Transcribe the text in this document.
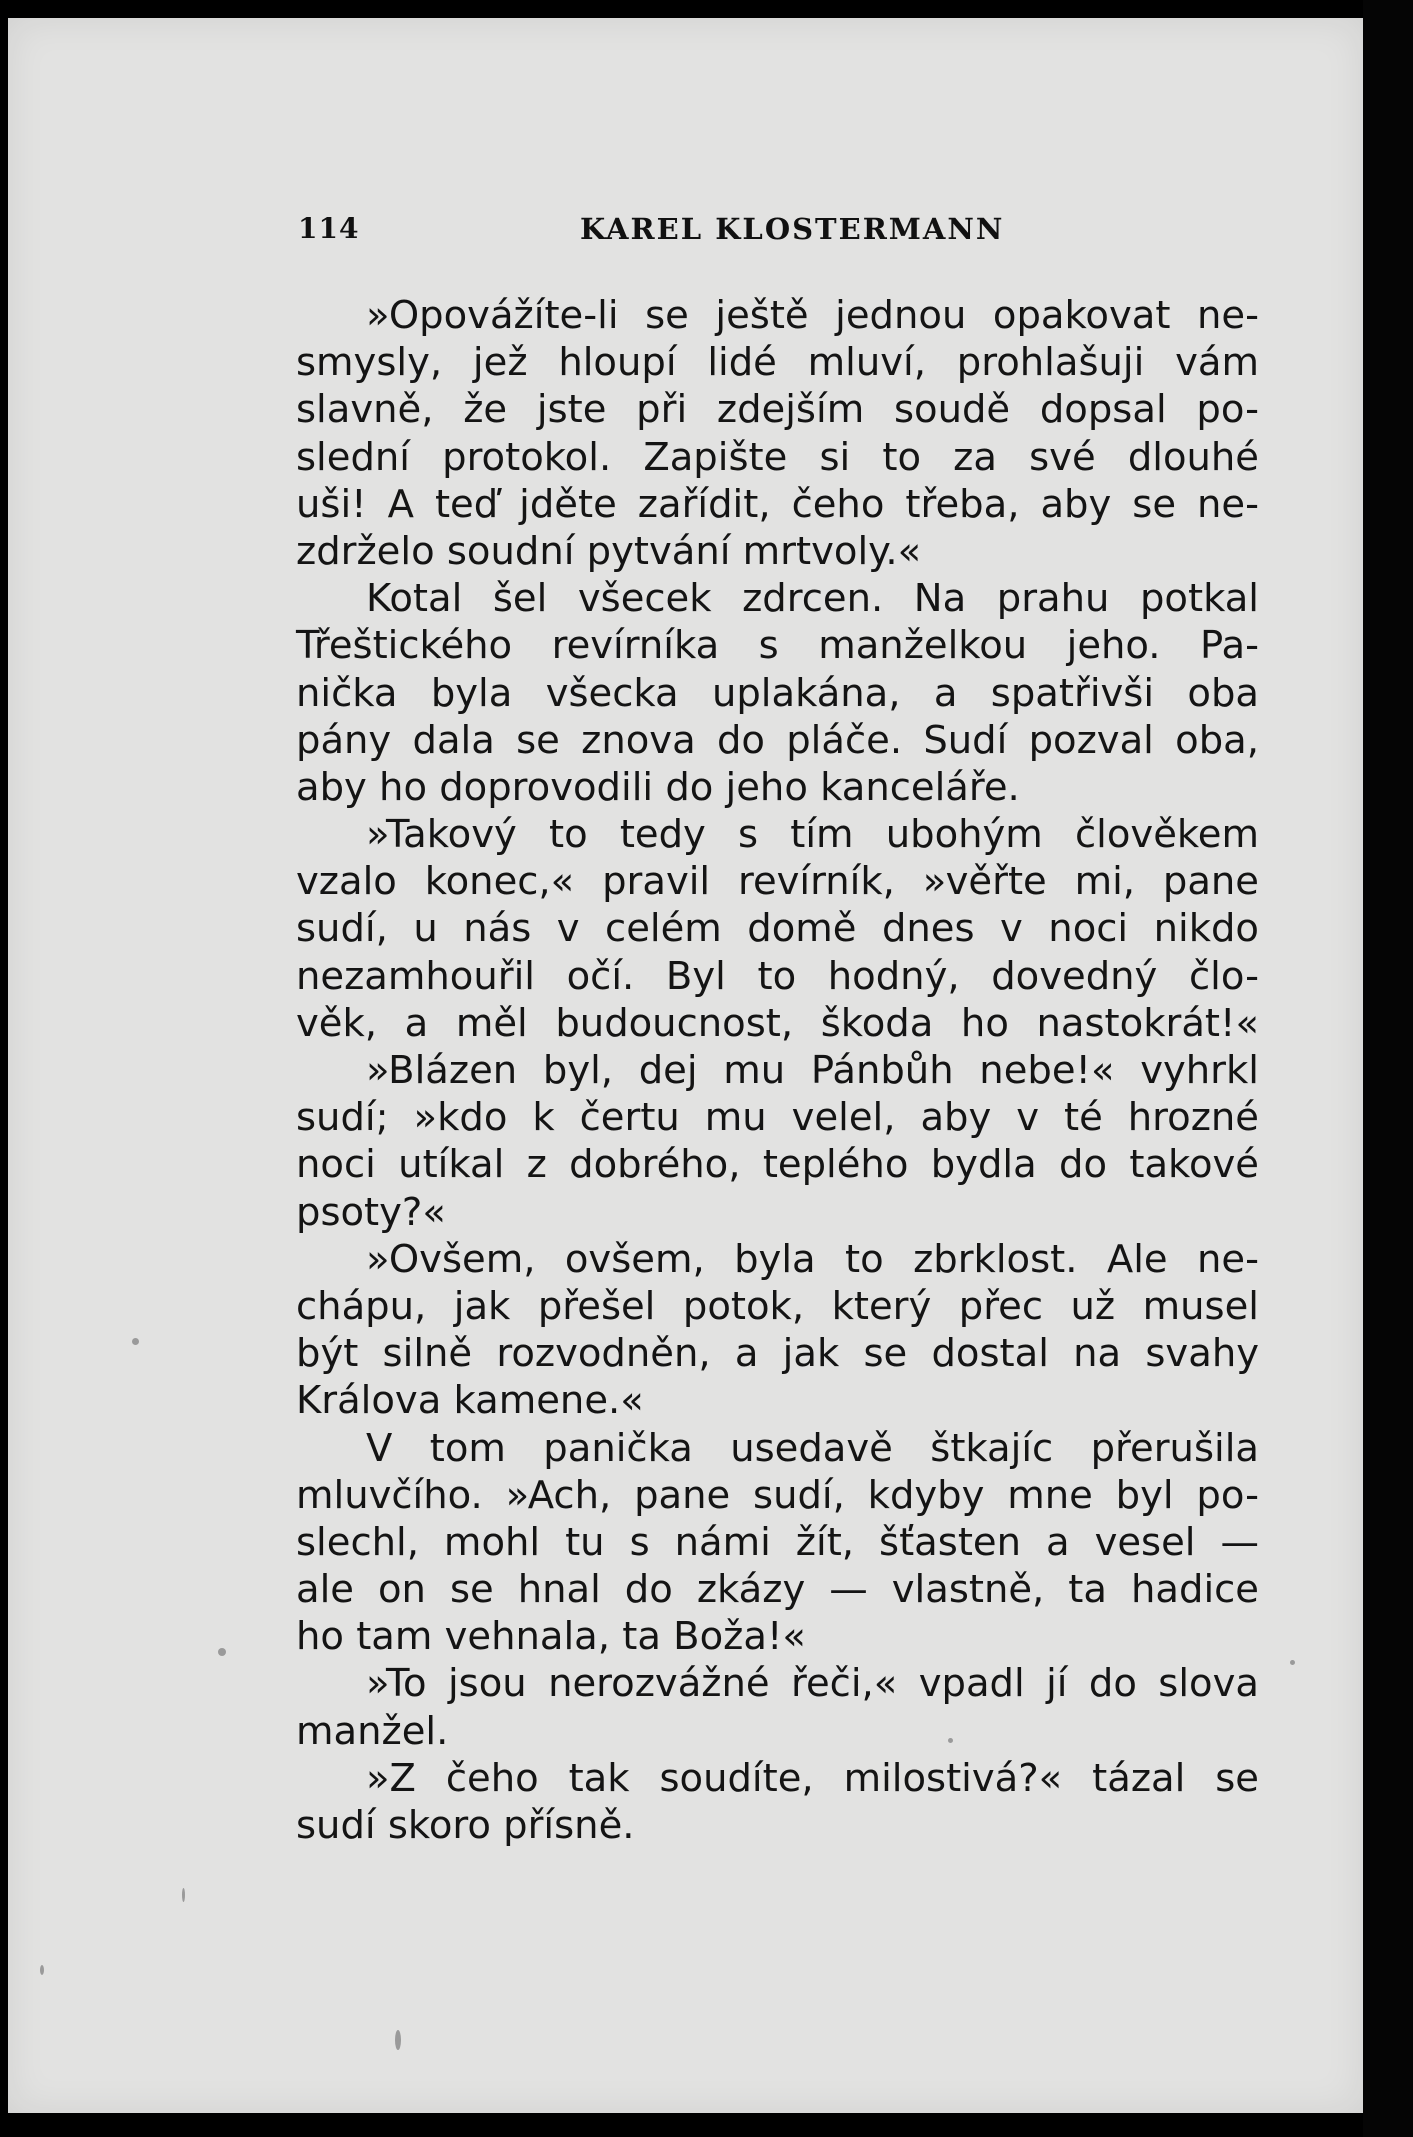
114	KAREL KLOSTERMANN
»Opovážíte-li se ještě jednou opakovat ne-
smysly, jež hloupí lidé mluví, prohlašuji vám
slavně, že jste při zdejším soudě dopsal po-
slední protokol. Zapište si to za své dlouhé
uši! A teď jděte zařídit, čeho třeba, aby se ne-
zdrželo soudní pytvání mrtvoly.«
Kotal šel všecek zdrcen. Na prahu potkal
Třeštického revírníka s manželkou jeho. Pa-
nička byla všecka uplakána, a spatřivši oba
pány dala se znova do pláče. Sudí pozval oba,
aby ho doprovodili do jeho kanceláře.
»Takový to tedy s tím ubohým člověkem
vzalo konec,« pravil revírník, »věřte mi, pane
sudí, u nás v celém domě dnes v noci nikdo
nezamhouřil očí. Byl to hodný, dovedný člo-
věk, a měl budoucnost, škoda ho nastokrát!«
»Blázen byl, dej mu Pánbůh nebe!« vyhrkl
sudí; »kdo k čertu mu velel, aby v té hrozné
noci utíkal z dobrého, teplého bydla do takové
psoty?«
»Ovšem, ovšem, byla to zbrklost. Ale ne-
chápu, jak přešel potok, který přec už musel
být silně rozvodněn, a jak se dostal na svahy
Králova kamene.«
V tom panička usedavě štkajíc přerušila
mluvčího. »Ach, pane sudí, kdyby mne byl po-
slechl, mohl tu s námi žít, šťasten a vesel —
ale on se hnal do zkázy — vlastně, ta hadice
ho tam vehnala, ta Boža!«
»To jsou nerozvážné řeči,« vpadl jí do slova
manžel.
»Z čeho tak soudíte, milostivá?« tázal se
sudí skoro přísně.
